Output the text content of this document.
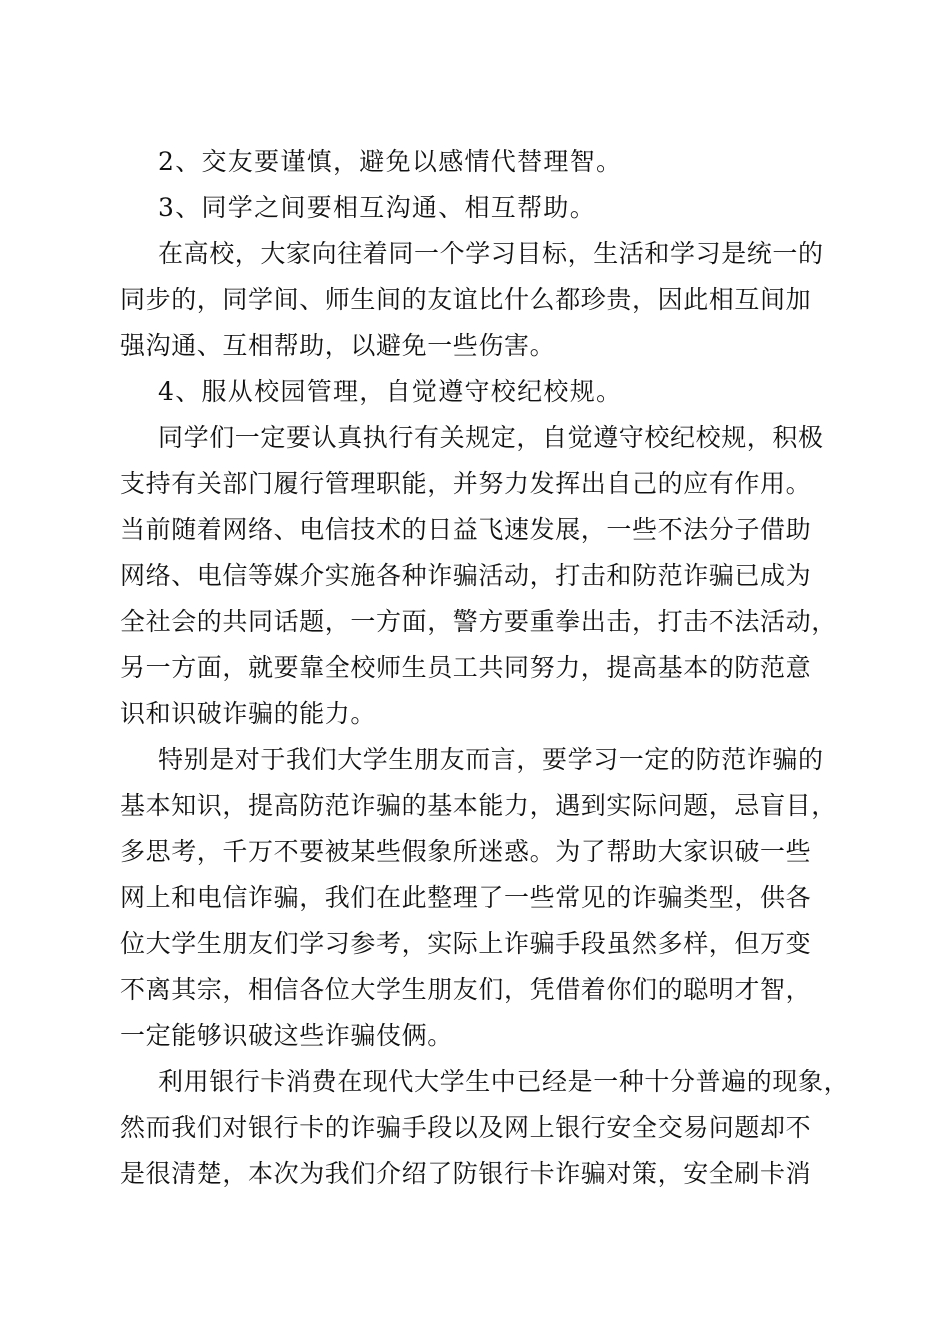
2、交友要谨慎，避免以感情代替理智。
3、同学之间要相互沟通、相互帮助。
在高校，大家向往着同一个学习目标，生活和学习是统一的
同步的，同学间、师生间的友谊比什么都珍贵，因此相互间加
强沟通、互相帮助，以避免一些伤害。
4、服从校园管理，自觉遵守校纪校规。
同学们一定要认真执行有关规定，自觉遵守校纪校规，积极
支持有关部门履行管理职能，并努力发挥出自己的应有作用。
当前随着网络、电信技术的日益飞速发展，一些不法分子借助
网络、电信等媒介实施各种诈骗活动，打击和防范诈骗已成为
全社会的共同话题，一方面，警方要重拳出击，打击不法活动，
另一方面，就要靠全校师生员工共同努力，提高基本的防范意
识和识破诈骗的能力。
特别是对于我们大学生朋友而言，要学习一定的防范诈骗的
基本知识，提高防范诈骗的基本能力，遇到实际问题，忌盲目，
多思考，千万不要被某些假象所迷惑。为了帮助大家识破一些
网上和电信诈骗，我们在此整理了一些常见的诈骗类型，供各
位大学生朋友们学习参考，实际上诈骗手段虽然多样，但万变
不离其宗，相信各位大学生朋友们，凭借着你们的聪明才智，
一定能够识破这些诈骗伎俩。
利用银行卡消费在现代大学生中已经是一种十分普遍的现象，
然而我们对银行卡的诈骗手段以及网上银行安全交易问题却不
是很清楚，本次为我们介绍了防银行卡诈骗对策，安全刷卡消
